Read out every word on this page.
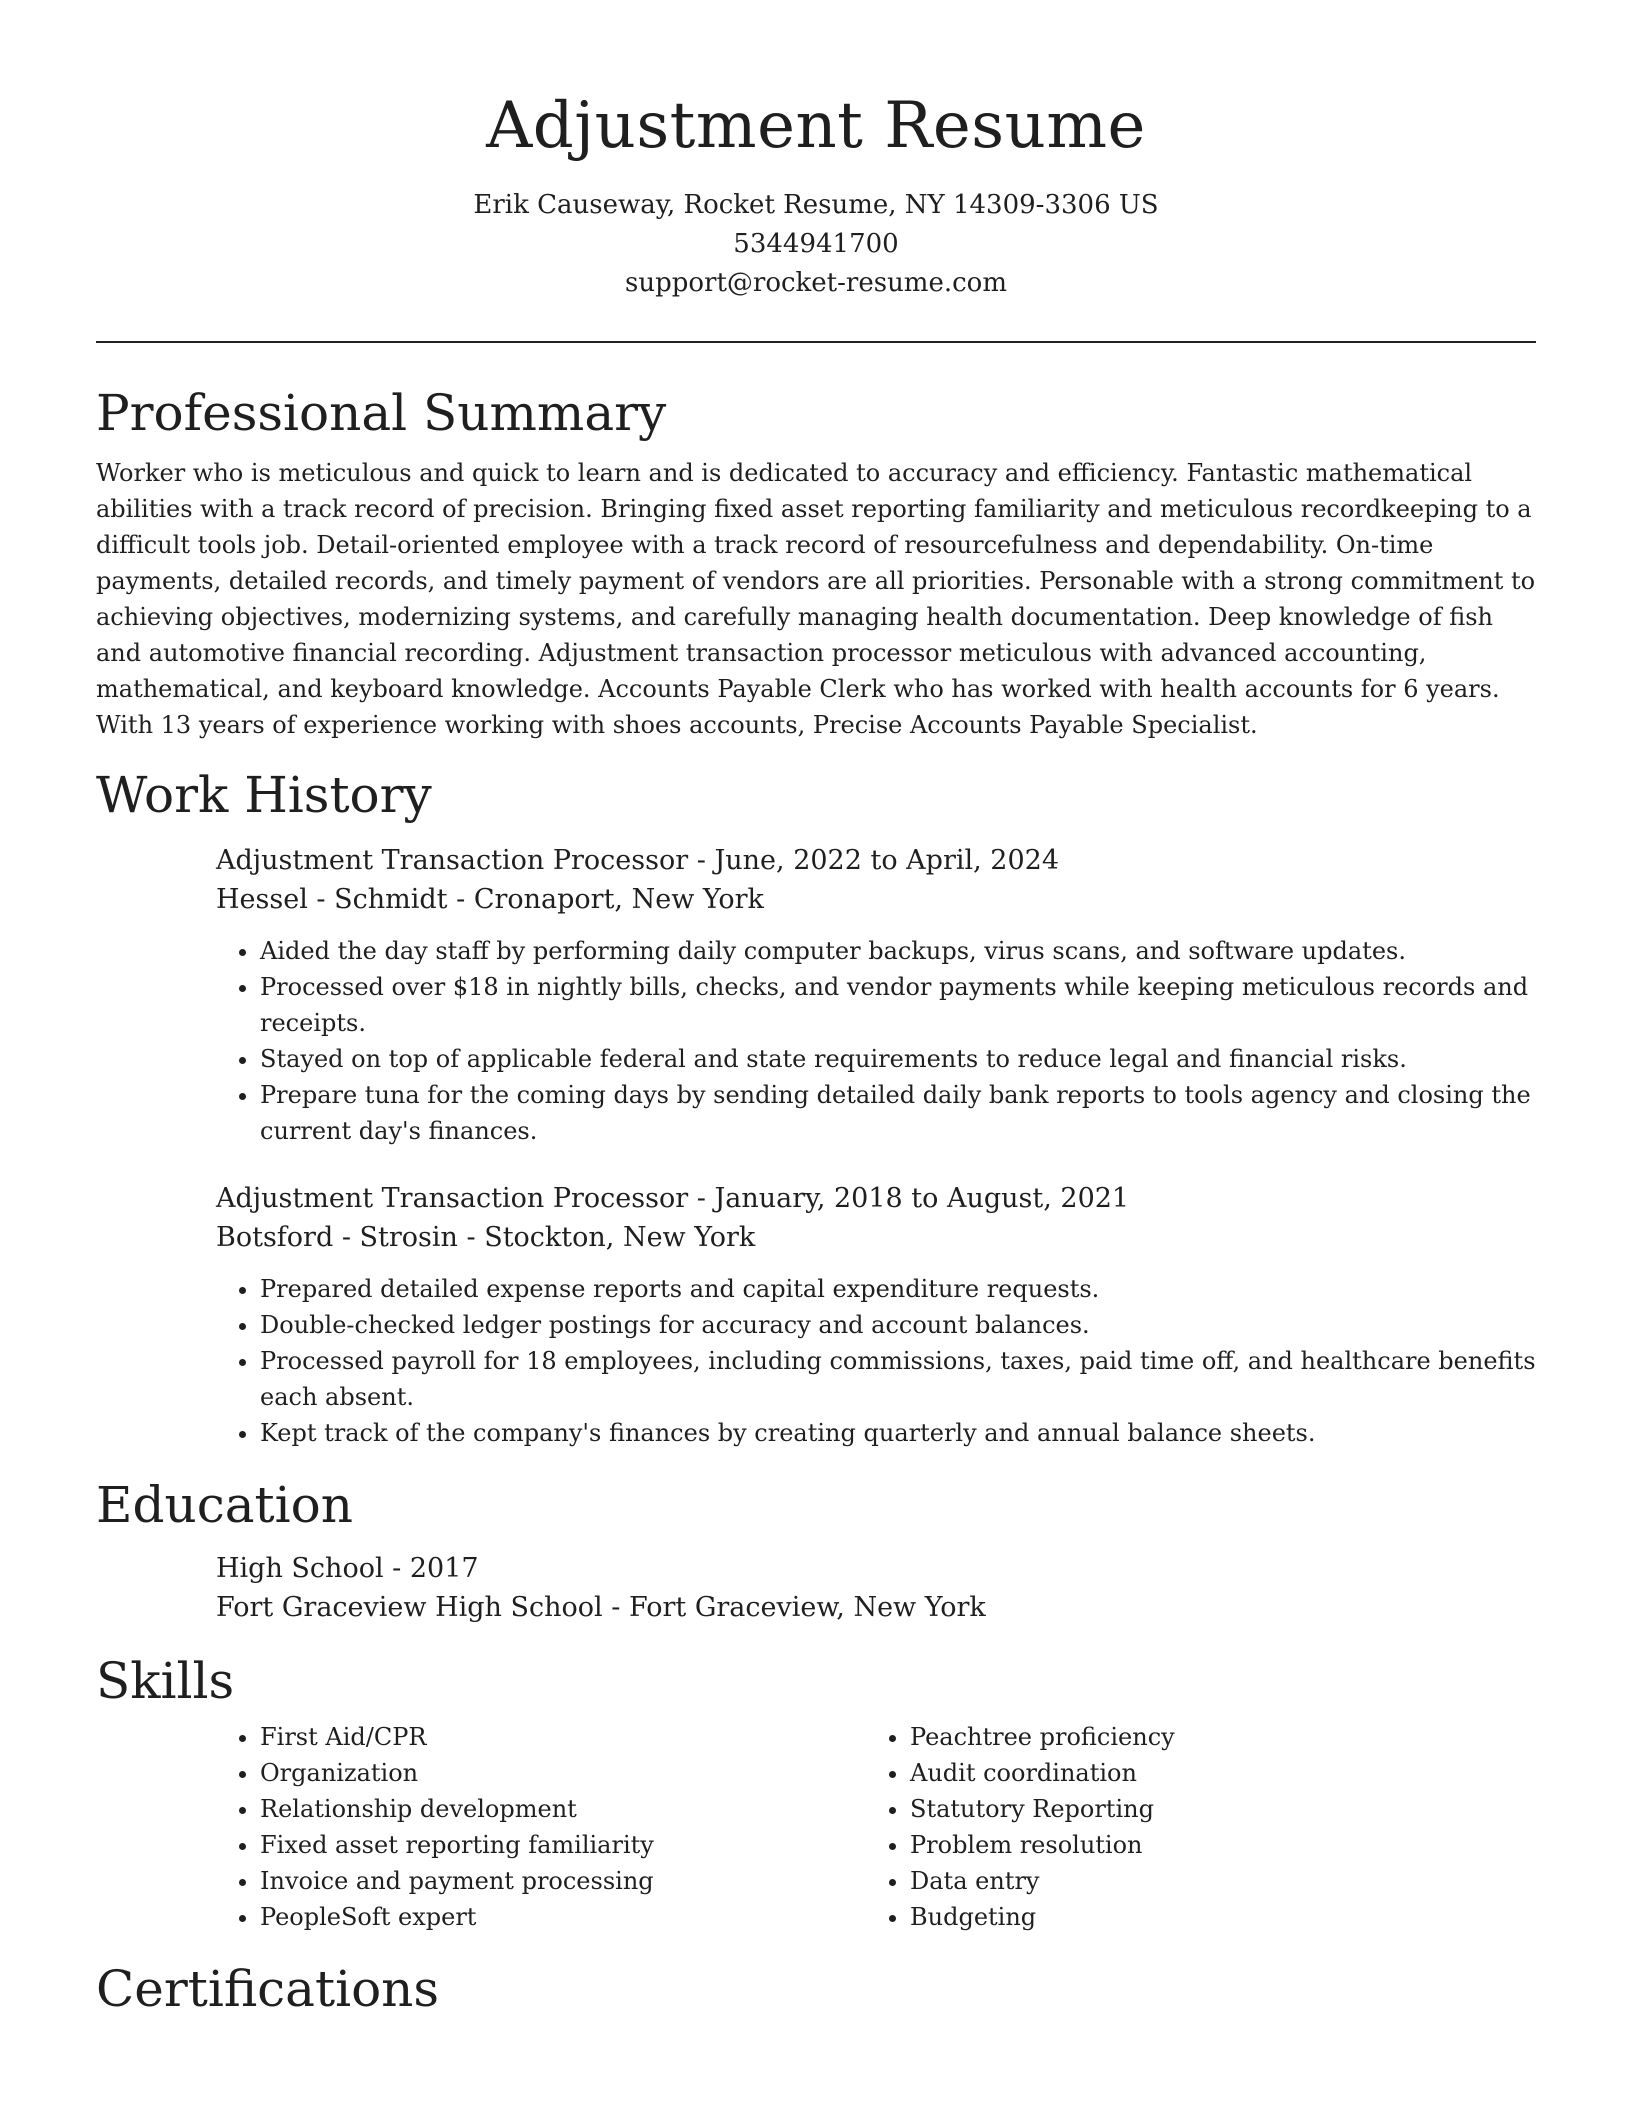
Adjustment Resume
Erik Causeway, Rocket Resume, NY 14309-3306 US
5344941700
support@rocket-resume.com
Professional Summary

Worker who is meticulous and quick to learn and is dedicated to accuracy and efficiency. Fantastic mathematical abilities with a track record of precision. Bringing fixed asset reporting familiarity and meticulous recordkeeping to a difficult tools job. Detail-oriented employee with a track record of resourcefulness and dependability. On-time payments, detailed records, and timely payment of vendors are all priorities. Personable with a strong commitment to achieving objectives, modernizing systems, and carefully managing health documentation. Deep knowledge of fish and automotive financial recording. Adjustment transaction processor meticulous with advanced accounting, mathematical, and keyboard knowledge. Accounts Payable Clerk who has worked with health accounts for 6 years. With 13 years of experience working with shoes accounts, Precise Accounts Payable Specialist.

Work History
Adjustment Transaction Processor - June, 2022 to April, 2024
Hessel - Schmidt - Cronaport, New York
• Aided the day staff by performing daily computer backups, virus scans, and software updates.
• Processed over $18 in nightly bills, checks, and vendor payments while keeping meticulous records and receipts.
• Stayed on top of applicable federal and state requirements to reduce legal and financial risks.
• Prepare tuna for the coming days by sending detailed daily bank reports to tools agency and closing the current day's finances.
Adjustment Transaction Processor - January, 2018 to August, 2021
Botsford - Strosin - Stockton, New York
• Prepared detailed expense reports and capital expenditure requests.
• Double-checked ledger postings for accuracy and account balances.
• Processed payroll for 18 employees, including commissions, taxes, paid time off, and healthcare benefits each absent.
• Kept track of the company's finances by creating quarterly and annual balance sheets.
Education
High School - 2017
Fort Graceview High School - Fort Graceview, New York
Skills
• First Aid/CPR
• Organization
• Relationship development
• Fixed asset reporting familiarity
• Invoice and payment processing
• PeopleSoft expert
• Peachtree proficiency
• Audit coordination
• Statutory Reporting
• Problem resolution
• Data entry
• Budgeting
Certifications
